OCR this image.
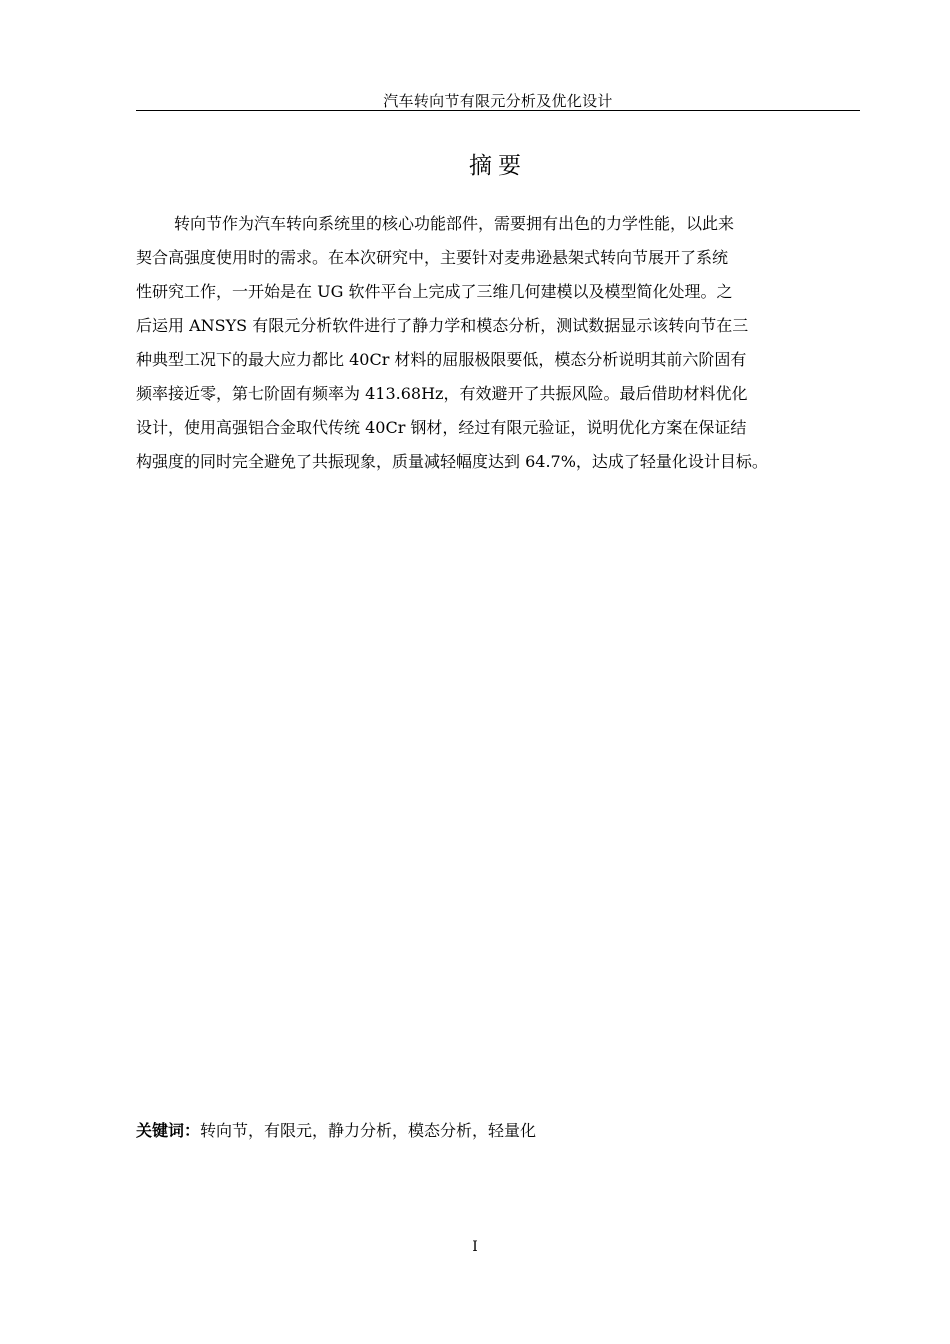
汽车转向节有限元分析及优化设计
摘要
转向节作为汽车转向系统里的核心功能部件，需要拥有出色的力学性能，以此来
契合高强度使用时的需求。在本次研究中，主要针对麦弗逊悬架式转向节展开了系统
性研究工作，一开始是在 UG 软件平台上完成了三维几何建模以及模型简化处理。之
后运用 ANSYS 有限元分析软件进行了静力学和模态分析，测试数据显示该转向节在三
种典型工况下的最大应力都比 40Cr 材料的屈服极限要低，模态分析说明其前六阶固有
频率接近零，第七阶固有频率为 413.68Hz，有效避开了共振风险。最后借助材料优化
设计，使用高强铝合金取代传统 40Cr 钢材，经过有限元验证，说明优化方案在保证结
构强度的同时完全避免了共振现象，质量减轻幅度达到 64.7%，达成了轻量化设计目标。
关键词：转向节，有限元，静力分析，模态分析，轻量化
I
